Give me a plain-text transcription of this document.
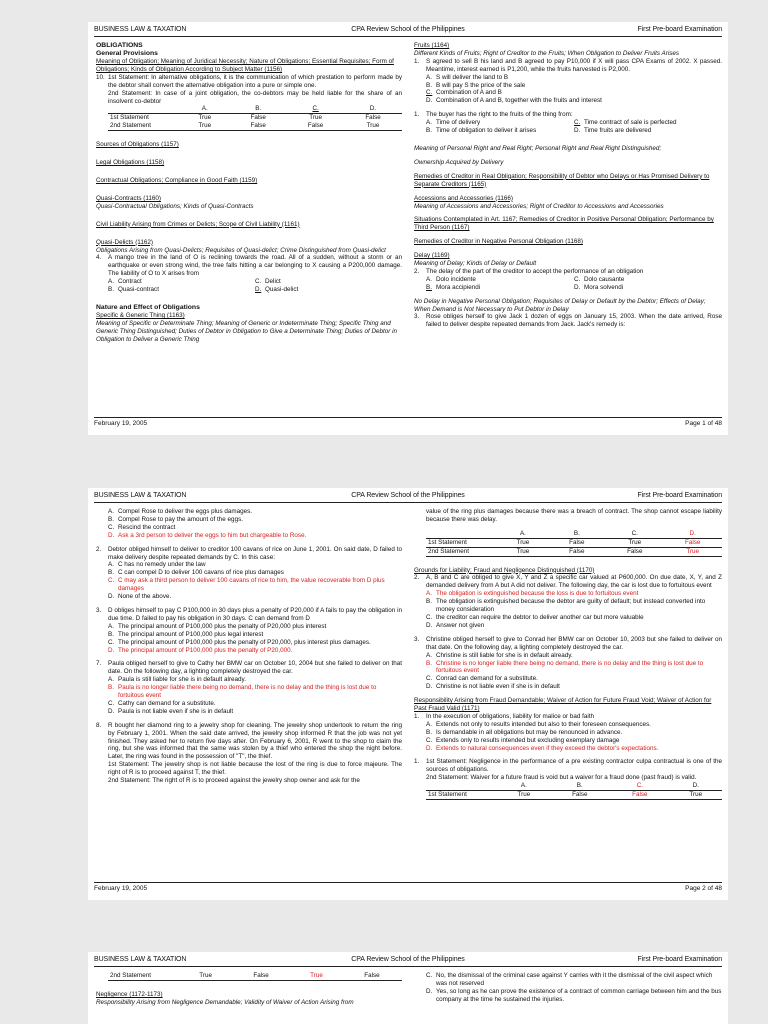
BUSINESS LAW & TAXATION	CPA Review School of the Philippines	First Pre-board Examination
OBLIGATIONS
General Provisions
Meaning of Obligation; Meaning of Juridical Necessity; Nature of Obligations; Essential Requisites; Form of Obligations; Kinds of Obligation According to Subject Matter (1156)
10. 1st Statement: In alternative obligations, it is the communication of which prestation to perform made by the debtor shall convert the alternative obligation into a pure or simple one.
2nd Statement: In case of a joint obligation, the co-debtors may be held liable for the share of an insolvent co-debtor
	A.	B.	C.	D.
1st Statement	True	False	True	False
2nd Statement	True	False	False	True
Sources of Obligations (1157)
Legal Obligations (1158)
Contractual Obligations; Compliance in Good Faith (1159)
Quasi-Contracts (1160)
Quasi-Contractual Obligations; Kinds of Quasi-Contracts
Civil Liability Arising from Crimes or Delicts; Scope of Civil Liability (1161)
Quasi-Delicts (1162)
Obligations Arising from Quasi-Delicts; Requisites of Quasi-delict; Crime Distinguished from Quasi-delict
4.	A mango tree in the land of O is reclining towards the road. All of a sudden, without a storm or an earthquake or even strong wind, the tree falls hitting a car belonging to X causing a P200,000 damage. The liability of O to X arises from
A. Contract	C. Delict
B. Quasi-contract	D. Quasi-delict
Nature and Effect of Obligations
Specific & Generic Thing (1163)
Meaning of Specific or Determinate Thing; Meaning of Generic or Indeterminate Thing; Specific Thing and Generic Thing Distinguished; Duties of Debtor in Obligation to Give a Determinate Thing; Duties of Debtor in Obligation to Deliver a Generic Thing
Fruits (1164)
Different Kinds of Fruits; Right of Creditor to the Fruits; When Obligation to Deliver Fruits Arises
1.	S agreed to sell B his land and B agreed to pay P10,000 if X will pass CPA Exams of 2002. X passed. Meantime, interest earned is P1,200, while the fruits harvested is P2,000.
A. S will deliver the land to B
B. B will pay S the price of the sale
C. Combination of A and B
D. Combination of A and B, together with the fruits and interest
1.	The buyer has the right to the fruits of the thing from:
A. Time of delivery	C. Time contract of sale is perfected
B. Time of obligation to deliver it arises	D. Time fruits are delivered
Meaning of Personal Right and Real Right; Personal Right and Real Right Distinguished;
Ownership Acquired by Delivery
Remedies of Creditor in Real Obligation; Responsibility of Debtor who Delays or Has Promised Delivery to Separate Creditors (1165)
Accessions and Accessories (1166)
Meaning of Accessions and Accessories; Right of Creditor to Accessions and Accessories
Situations Contemplated in Art. 1167; Remedies of Creditor in Positive Personal Obligation; Performance by Third Person (1167)
Remedies of Creditor in Negative Personal Obligation (1168)
Delay (1169)
Meaning of Delay; Kinds of Delay or Default
2.	The delay of the part of the creditor to accept the performance of an obligation
A. Dolo incidente	C. Dolo causante
B. Mora accipiendi	D. Mora solvendi
No Delay in Negative Personal Obligation; Requisites of Delay or Default by the Debtor; Effects of Delay; When Demand is Not Necessary to Put Debtor in Delay
3.	Rose obliges herself to give Jack 1 dozen of eggs on January 15, 2003. When the date arrived, Rose failed to deliver despite repeated demands from Jack. Jack's remedy is:
February 19, 2005	Page 1 of 48
BUSINESS LAW & TAXATION	CPA Review School of the Philippines	First Pre-board Examination
A. Compel Rose to deliver the eggs plus damages.
B. Compel Rose to pay the amount of the eggs.
C. Rescind the contract
D. Ask a 3rd person to deliver the eggs to him but chargeable to Rose.
2.	Debtor obliged himself to deliver to creditor 100 cavans of rice on June 1, 2001. On said date, D failed to make delivery despite repeated demands by C. In this case:
A. C has no remedy under the law
B. C can compel D to deliver 100 cavans of rice plus damages
C. C may ask a third person to deliver 100 cavans of rice to him, the value recoverable from D plus damages
D. None of the above.
3.	D obliges himself to pay C P100,000 in 30 days plus a penalty of P20,000 if A fails to pay the obligation in due time. D failed to pay his obligation in 30 days. C can demand from D
A. The principal amount of P100,000 plus the penalty of P20,000 plus interest
B. The principal amount of P100,000 plus legal interest
C. The principal amount of P100,000 plus the penalty of P20,000, plus interest plus damages.
D. The principal amount of P100,000 plus the penalty of P20,000.
7.	Paula obliged herself to give to Cathy her BMW car on October 10, 2004 but she failed to deliver on that date. On the following day, a lighting completely destroyed the car.
A. Paula is still liable for she is in default already.
B. Paula is no longer liable there being no demand, there is no delay and the thing is lost due to fortuitous event
C. Cathy can demand for a substitute.
D. Paula is not liable even if she is in default
8.	R bought her diamond ring to a jewelry shop for cleaning. The jewelry shop undertook to return the ring by February 1, 2001. When the said date arrived, the jewelry shop informed R that the job was not yet finished. They asked her to return five days after. On February 6, 2001, R went to the shop to claim the ring, but she was informed that the same was stolen by a thief who entered the shop the night before. Later, the ring was found in the possession of "T", the thief.
1st Statement: The jewelry shop is not liable because the lost of the ring is due to force majeure. The right of R is to proceed against T, the thief.
2nd Statement: The right of R is to proceed against the jewelry shop owner and ask for the
value of the ring plus damages because there was a breach of contract. The shop cannot escape liability because there was delay.
	A.	B.	C.	D.
1st Statement	True	False	True	False
2nd Statement	True	False	False	True
Grounds for Liability; Fraud and Negligence Distinguished (1170)
2.	A, B and C are obliged to give X, Y and Z a specific car valued at P600,000. On due date, X, Y, and Z demanded delivery from A but A did not deliver. The following day, the car is lost due to fortuitous event
A. The obligation is extinguished because the loss is due to fortuitous event
B. The obligation is extinguished because the debtor are guilty of default; but instead converted into money consideration
C. the creditor can require the debtor to deliver another car but more valuable
D. Answer not given
3.	Christine obliged herself to give to Conrad her BMW car on October 10, 2003 but she failed to deliver on that date. On the following day, a lighting completely destroyed the car.
A. Christine is still liable for she is in default already.
B. Christine is no longer liable there being no demand, there is no delay and the thing is lost due to fortuitous event
C. Conrad can demand for a substitute.
D. Christine is not liable even if she is in default
Responsibility Arising from Fraud Demandable; Waiver of Action for Future Fraud Void; Waiver of Action for Past Fraud Valid (1171)
1.	In the execution of obligations, liability for malice or bad faith
A. Extends not only to results intended but also to their foreseen consequences.
B. Is demandable in all obligations but may be renounced in advance.
C. Extends only to results intended but excluding exemplary damage
D. Extends to natural consequences even if they exceed the debtor's expectations.
1.	1st Statement: Negligence in the performance of a pre existing contractor culpa contractual is one of the sources of obligations.
2nd Statement: Waiver for a future fraud is void but a waiver for a fraud done (past fraud) is valid.
	A.	B.	C.	D.
1st Statement	True	False	False	True
February 19, 2005	Page 2 of 48
BUSINESS LAW & TAXATION	CPA Review School of the Philippines	First Pre-board Examination
2nd Statement	True	False	True	False
Negligence (1172-1173)
Responsibility Arising from Negligence Demandable; Validity of Waiver of Action Arising from
C. No, the dismissal of the criminal case against Y carries with it the dismissal of the civil aspect which was not reserved
D. Yes, so long as he can prove the existence of a contract of common carriage between him and the bus company at the time he sustained the injuries.
